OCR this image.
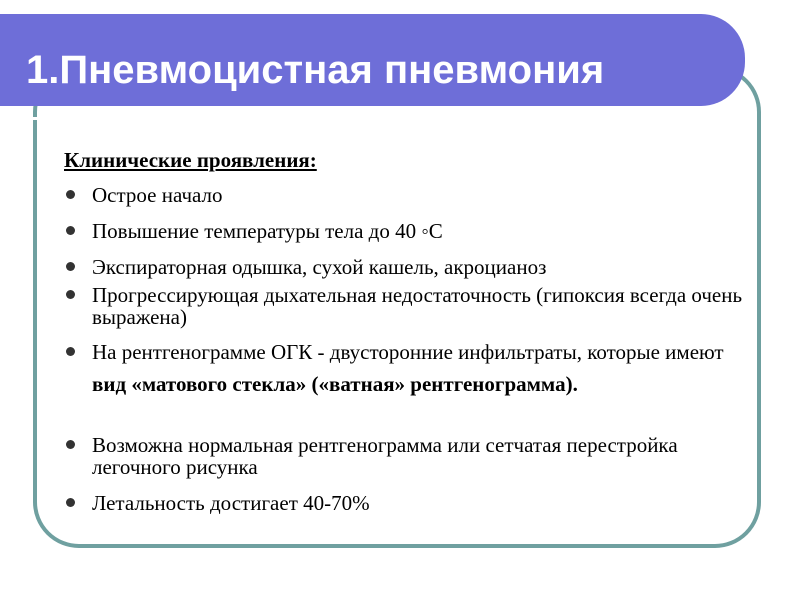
1.Пневмоцистная пневмония

Клинические проявления:

Острое начало
Повышение температуры тела до 40 ◦С
Экспираторная одышка, сухой кашель, акроцианоз
Прогрессирующая дыхательная недостаточность (гипоксия всегда очень выражена)
На рентгенограмме ОГК - двусторонние инфильтраты, которые имеют вид «матового стекла» («ватная» рентгенограмма).
Возможна нормальная рентгенограмма или сетчатая перестройка легочного рисунка
Летальность достигает 40-70%
